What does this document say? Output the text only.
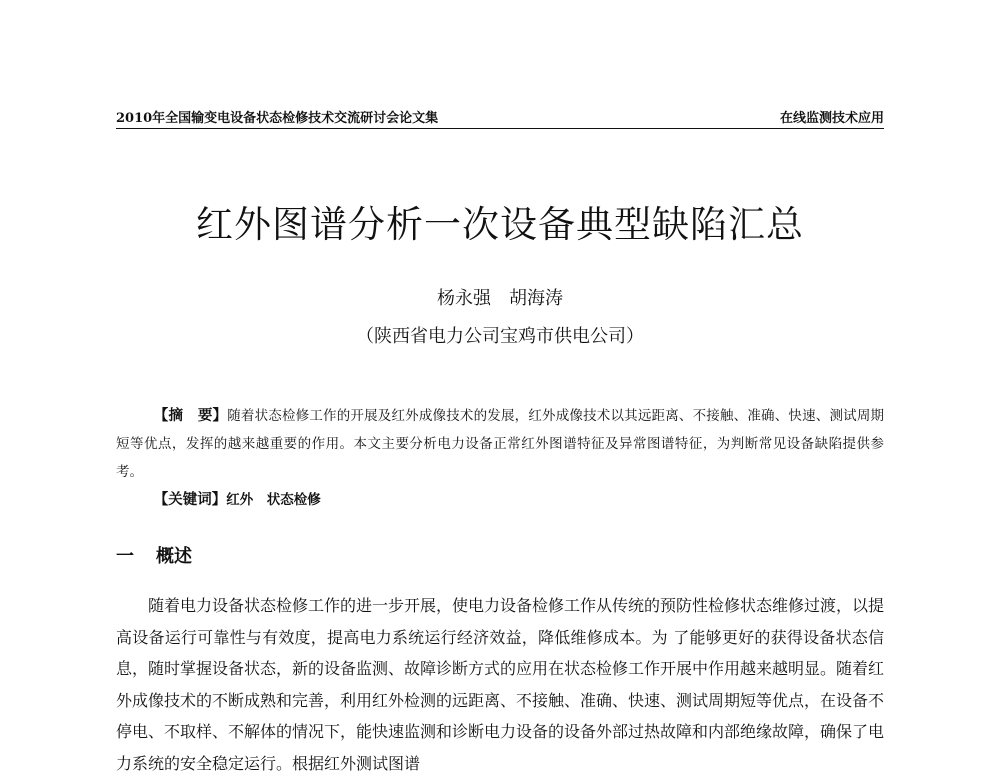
2010年全国输变电设备状态检修技术交流研讨会论文集	在线监测技术应用
红外图谱分析一次设备典型缺陷汇总
杨永强　胡海涛
（陕西省电力公司宝鸡市供电公司）
【摘　要】随着状态检修工作的开展及红外成像技术的发展，红外成像技术以其远距离、不接触、准确、快速、测试周期短等优点，发挥的越来越重要的作用。本文主要分析电力设备正常红外图谱特征及异常图谱特征，为判断常见设备缺陷提供参考。
【关键词】红外　状态检修
一 概述
随着电力设备状态检修工作的进一步开展，使电力设备检修工作从传统的预防性检修状态维修过渡，以提高设备运行可靠性与有效度，提高电力系统运行经济效益，降低维修成本。为 了能够更好的获得设备状态信息，随时掌握设备状态，新的设备监测、故障诊断方式的应用在状态检修工作开展中作用越来越明显。随着红外成像技术的不断成熟和完善，利用红外检测的远距离、不接触、准确、快速、测试周期短等优点，在设备不停电、不取样、不解体的情况下，能快速监测和诊断电力设备的设备外部过热故障和内部绝缘故障，确保了电力系统的安全稳定运行。根据红外测试图谱
